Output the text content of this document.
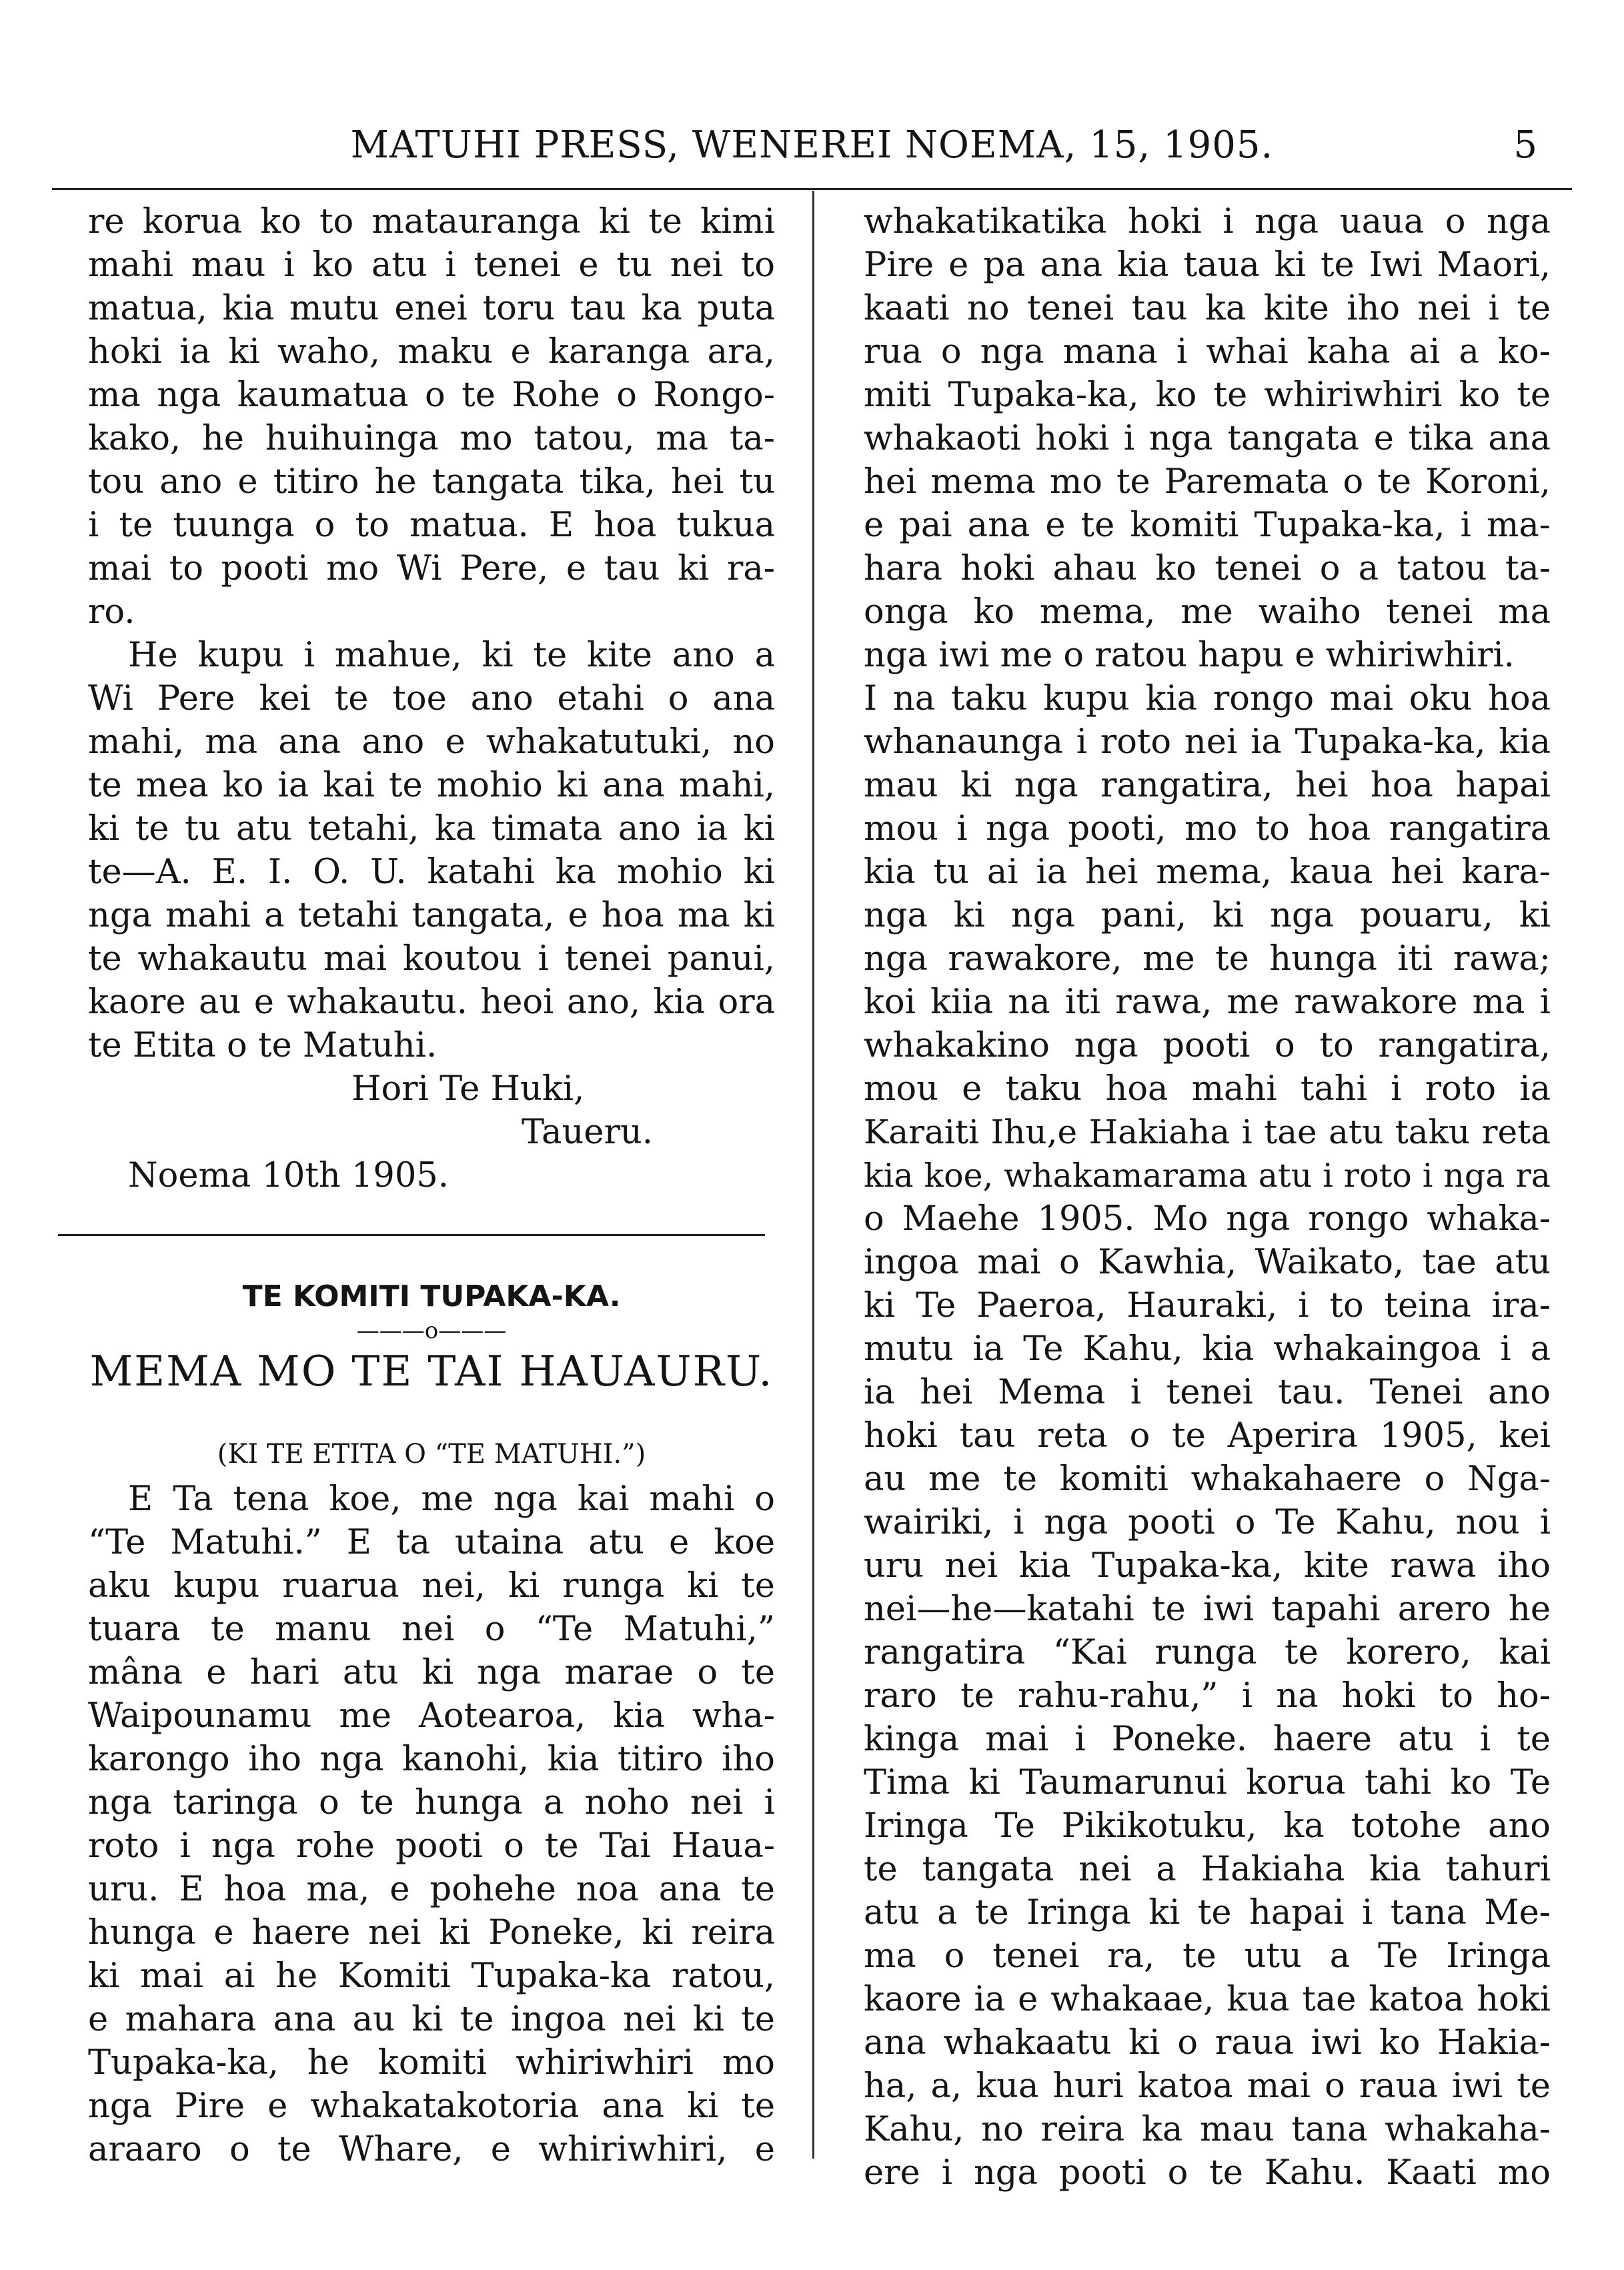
MATUHI PRESS, WENEREI NOEMA, 15, 1905.	5
re korua ko to matauranga ki te kimi
mahi mau i ko atu i tenei e tu nei to
matua, kia mutu enei toru tau ka puta
hoki ia ki waho, maku e karanga ara,
ma nga kaumatua o te Rohe o Rongo-
kako, he huihuinga mo tatou, ma ta-
tou ano e titiro he tangata tika, hei tu
i te tuunga o to matua. E hoa tukua
mai to pooti mo Wi Pere, e tau ki ra-
ro.
He kupu i mahue, ki te kite ano a
Wi Pere kei te toe ano etahi o ana
mahi, ma ana ano e whakatutuki, no
te mea ko ia kai te mohio ki ana mahi,
ki te tu atu tetahi, ka timata ano ia ki
te—A. E. I. O. U. katahi ka mohio ki
nga mahi a tetahi tangata, e hoa ma ki
te whakautu mai koutou i tenei panui,
kaore au e whakautu. heoi ano, kia ora
te Etita o te Matuhi.
Hori Te Huki,
Taueru.
Noema 10th 1905.
TE KOMITI TUPAKA-KA.
———o———
MEMA MO TE TAI HAUAURU.
(KI TE ETITA O “TE MATUHI.”)
E Ta tena koe, me nga kai mahi o
“Te Matuhi.” E ta utaina atu e koe
aku kupu ruarua nei, ki runga ki te
tuara te manu nei o “Te Matuhi,”
mâna e hari atu ki nga marae o te
Waipounamu me Aotearoa, kia wha-
karongo iho nga kanohi, kia titiro iho
nga taringa o te hunga a noho nei i
roto i nga rohe pooti o te Tai Haua-
uru. E hoa ma, e pohehe noa ana te
hunga e haere nei ki Poneke, ki reira
ki mai ai he Komiti Tupaka-ka ratou,
e mahara ana au ki te ingoa nei ki te
Tupaka-ka, he komiti whiriwhiri mo
nga Pire e whakatakotoria ana ki te
araaro o te Whare, e whiriwhiri, e
whakatikatika hoki i nga uaua o nga
Pire e pa ana kia taua ki te Iwi Maori,
kaati no tenei tau ka kite iho nei i te
rua o nga mana i whai kaha ai a ko-
miti Tupaka-ka, ko te whiriwhiri ko te
whakaoti hoki i nga tangata e tika ana
hei mema mo te Paremata o te Koroni,
e pai ana e te komiti Tupaka-ka, i ma-
hara hoki ahau ko tenei o a tatou ta-
onga ko mema, me waiho tenei ma
nga iwi me o ratou hapu e whiriwhiri.
I na taku kupu kia rongo mai oku hoa
whanaunga i roto nei ia Tupaka-ka, kia
mau ki nga rangatira, hei hoa hapai
mou i nga pooti, mo to hoa rangatira
kia tu ai ia hei mema, kaua hei kara-
nga ki nga pani, ki nga pouaru, ki
nga rawakore, me te hunga iti rawa;
koi kiia na iti rawa, me rawakore ma i
whakakino nga pooti o to rangatira,
mou e taku hoa mahi tahi i roto ia
Karaiti Ihu,e Hakiaha i tae atu taku reta
kia koe, whakamarama atu i roto i nga ra
o Maehe 1905. Mo nga rongo whaka-
ingoa mai o Kawhia, Waikato, tae atu
ki Te Paeroa, Hauraki, i to teina ira-
mutu ia Te Kahu, kia whakaingoa i a
ia hei Mema i tenei tau. Tenei ano
hoki tau reta o te Aperira 1905, kei
au me te komiti whakahaere o Nga-
wairiki, i nga pooti o Te Kahu, nou i
uru nei kia Tupaka-ka, kite rawa iho
nei—he—katahi te iwi tapahi arero he
rangatira “Kai runga te korero, kai
raro te rahu-rahu,” i na hoki to ho-
kinga mai i Poneke. haere atu i te
Tima ki Taumarunui korua tahi ko Te
Iringa Te Pikikotuku, ka totohe ano
te tangata nei a Hakiaha kia tahuri
atu a te Iringa ki te hapai i tana Me-
ma o tenei ra, te utu a Te Iringa
kaore ia e whakaae, kua tae katoa hoki
ana whakaatu ki o raua iwi ko Hakia-
ha, a, kua huri katoa mai o raua iwi te
Kahu, no reira ka mau tana whakaha-
ere i nga pooti o te Kahu. Kaati mo
